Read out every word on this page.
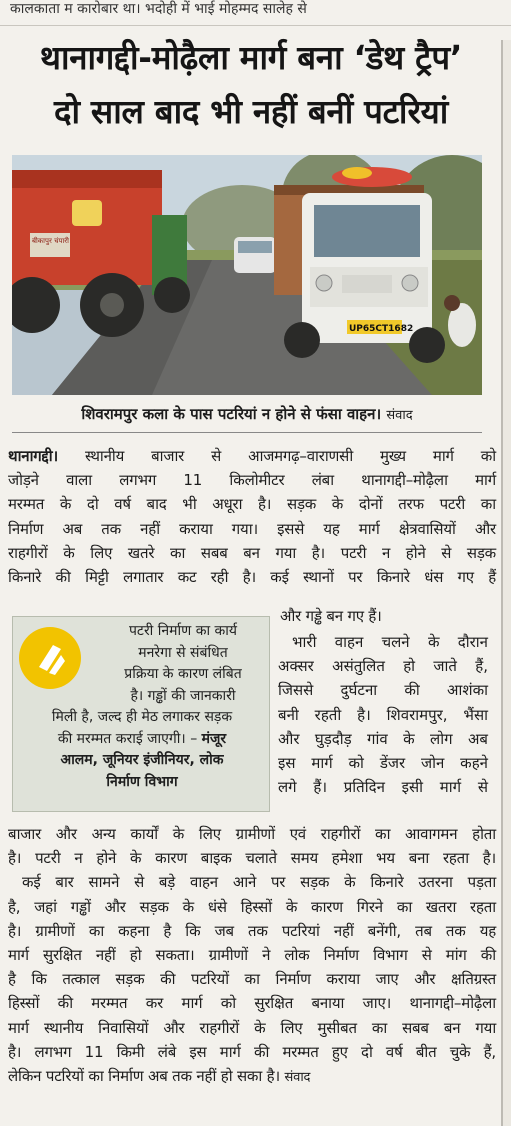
कालकाता म कारोबार था। भदोही में भाई मोहम्मद सालेह से
थानागद्दी-मोढ़ैला मार्ग बना ‘डेथ ट्रैप’
दो साल बाद भी नहीं बनीं पटरियां
बीकापुर चंपारी
UP65CT1682
शिवरामपुर कला के पास पटरियां न होने से फंसा वाहन। संवाद
थानागद्दी। स्थानीय बाजार से आजमगढ़–वाराणसी मुख्य मार्ग को
जोड़ने वाला लगभग 11 किलोमीटर लंबा थानागद्दी–मोढ़ैला मार्ग
मरम्मत के दो वर्ष बाद भी अधूरा है। सड़क के दोनों तरफ पटरी का
निर्माण अब तक नहीं कराया गया। इससे यह मार्ग क्षेत्रवासियों और
राहगीरों के लिए खतरे का सबब बन गया है। पटरी न होने से सड़क
किनारे की मिट्टी लगातार कट रही है। कई स्थानों पर किनारे धंस गए हैं
और गड्ढे बन गए हैं।
पटरी निर्माण का कार्य
मनरेगा से संबंधित
प्रक्रिया के कारण लंबित
है। गड्ढों की जानकारी
मिली है, जल्द ही मेठ लगाकर सड़क
की मरम्मत कराई जाएगी। – मंजूर
आलम, जूनियर इंजीनियर, लोक
निर्माण विभाग
भारी वाहन चलने के दौरान
अक्सर असंतुलित हो जाते हैं,
जिससे दुर्घटना की आशंका
बनी रहती है। शिवरामपुर, भैंसा
और घुड़दौड़ गांव के लोग अब
इस मार्ग को डेंजर जोन कहने
लगे हैं। प्रतिदिन इसी मार्ग से
बाजार और अन्य कार्यों के लिए ग्रामीणों एवं राहगीरों का आवागमन होता
है। पटरी न होने के कारण बाइक चलाते समय हमेशा भय बना रहता है।
कई बार सामने से बड़े वाहन आने पर सड़क के किनारे उतरना पड़ता
है, जहां गड्ढों और सड़क के धंसे हिस्सों के कारण गिरने का खतरा रहता
है। ग्रामीणों का कहना है कि जब तक पटरियां नहीं बनेंगी, तब तक यह
मार्ग सुरक्षित नहीं हो सकता। ग्रामीणों ने लोक निर्माण विभाग से मांग की
है कि तत्काल सड़क की पटरियों का निर्माण कराया जाए और क्षतिग्रस्त
हिस्सों की मरम्मत कर मार्ग को सुरक्षित बनाया जाए। थानागद्दी–मोढ़ैला
मार्ग स्थानीय निवासियों और राहगीरों के लिए मुसीबत का सबब बन गया
है। लगभग 11 किमी लंबे इस मार्ग की मरम्मत हुए दो वर्ष बीत चुके हैं,
लेकिन पटरियों का निर्माण अब तक नहीं हो सका है। संवाद
